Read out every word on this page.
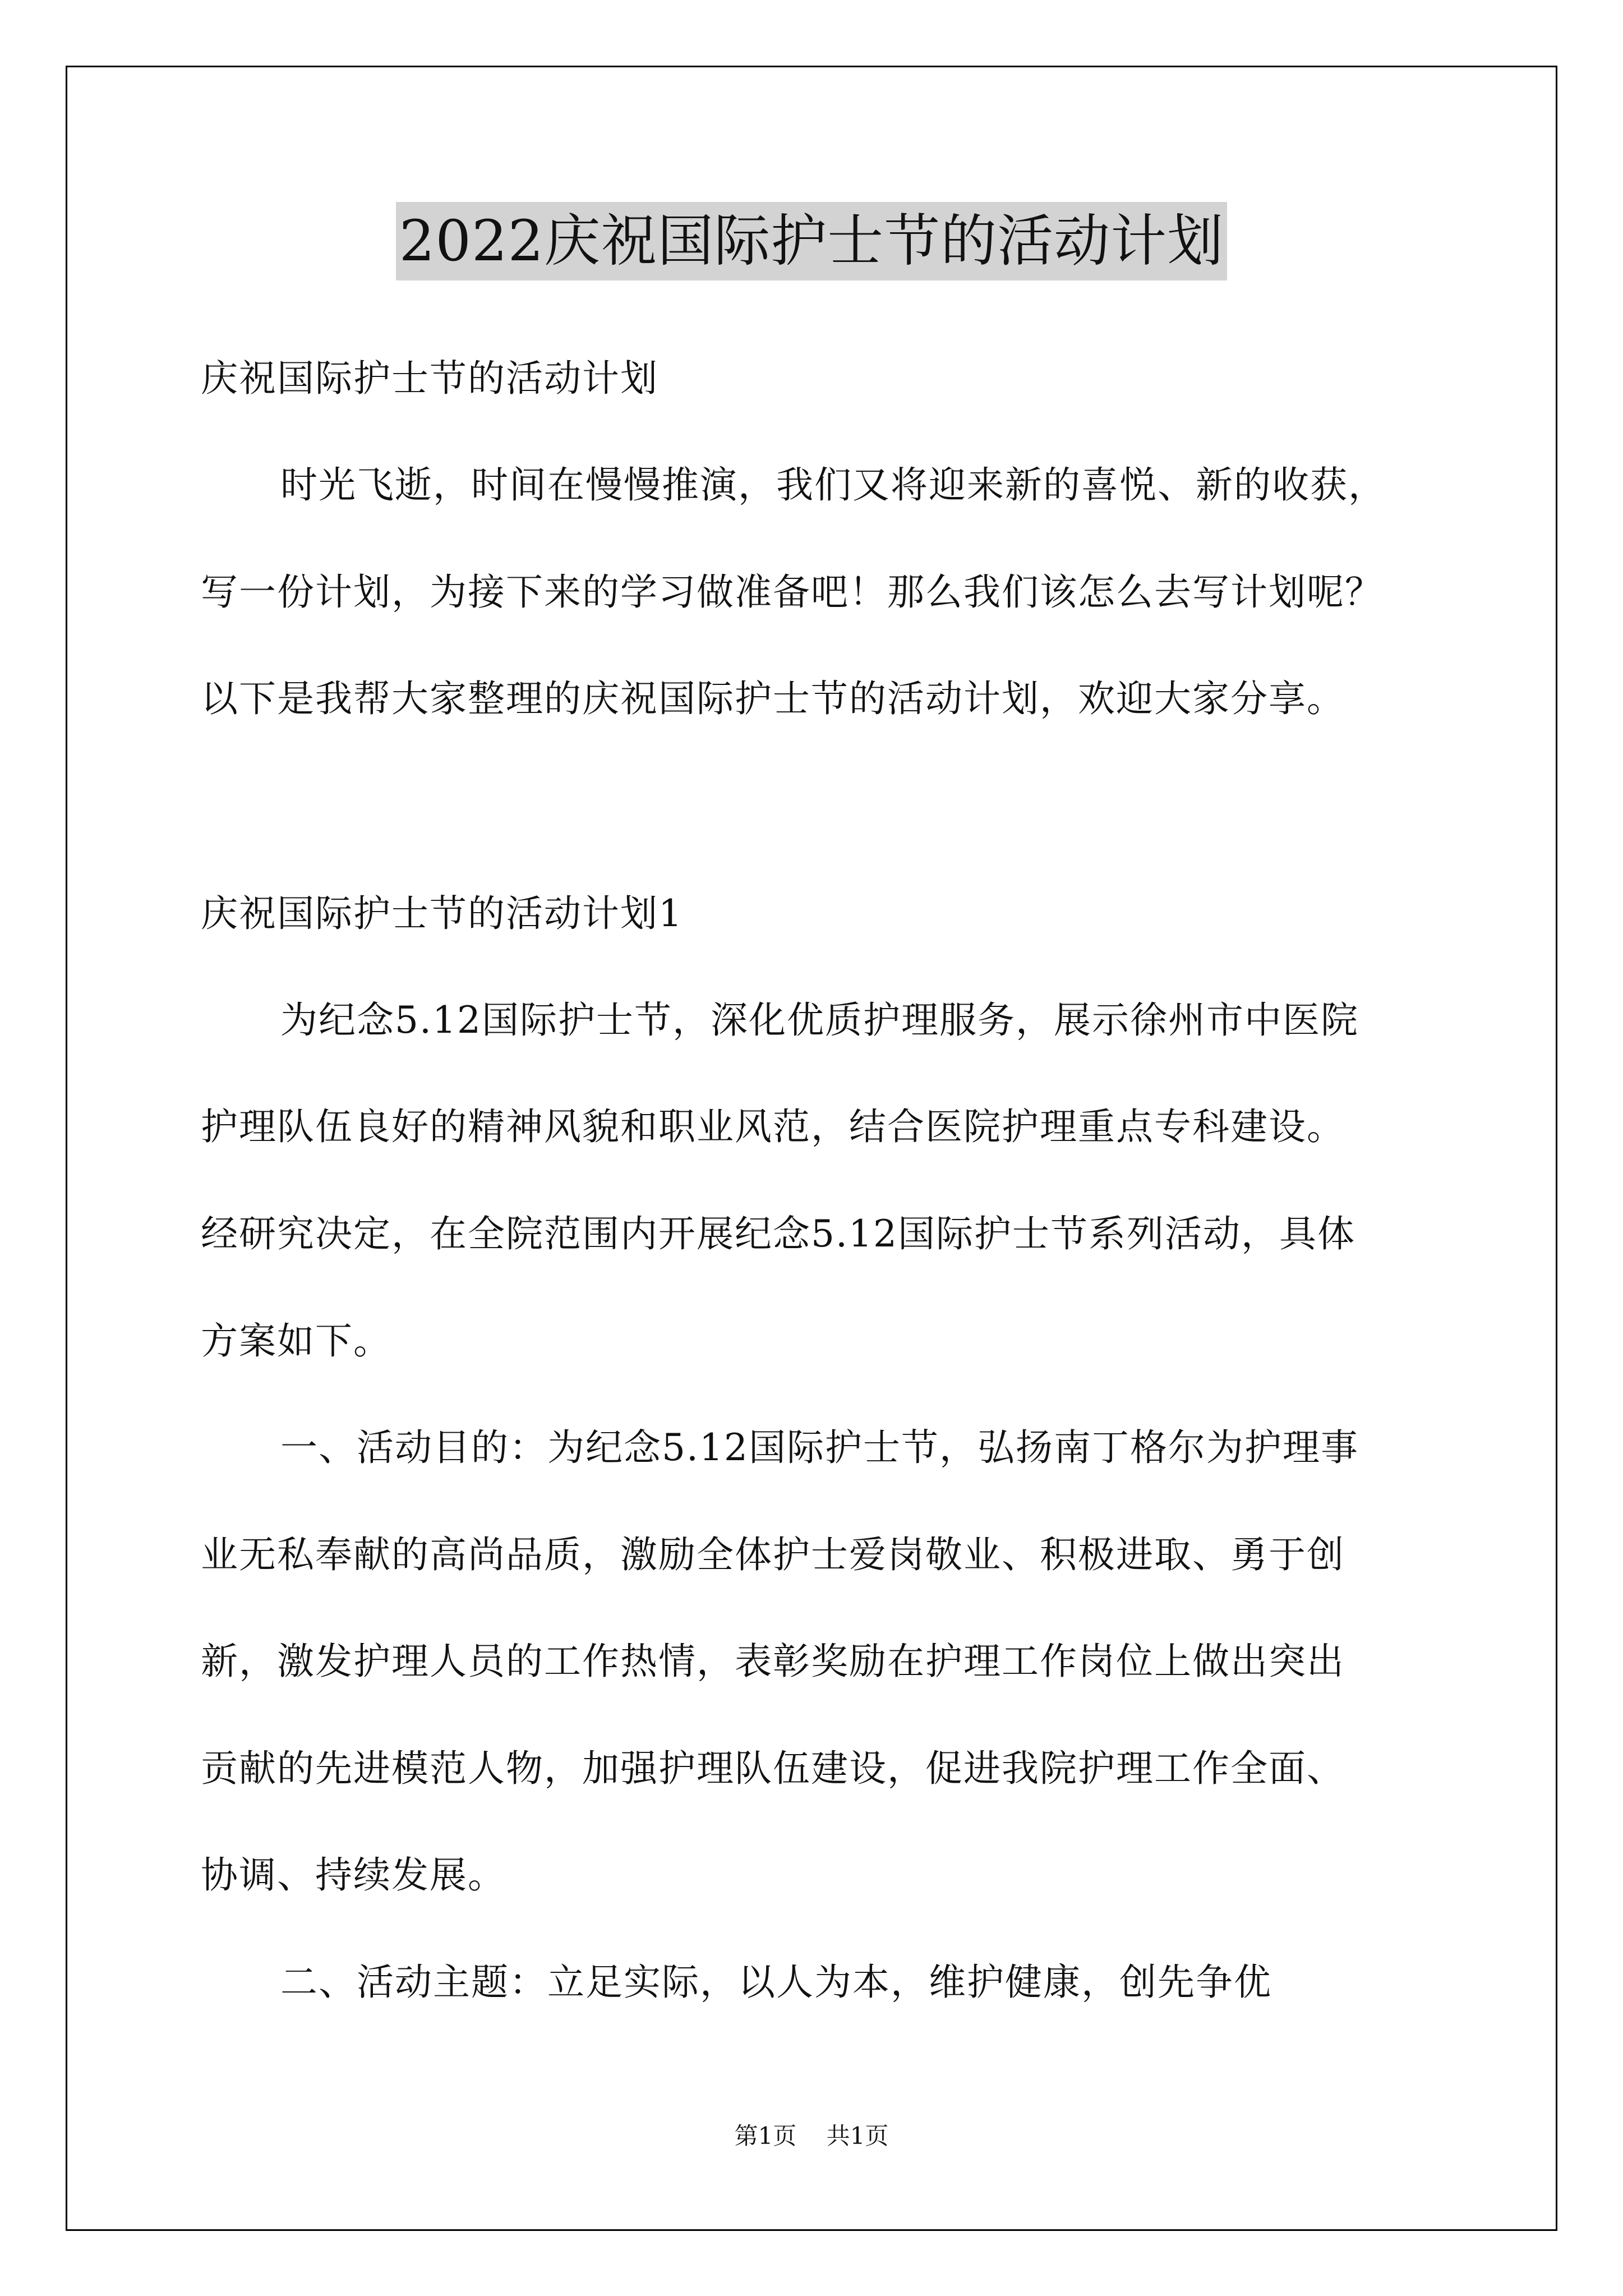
2022庆祝国际护士节的活动计划
庆祝国际护士节的活动计划
时光飞逝，时间在慢慢推演，我们又将迎来新的喜悦、新的收获，
写一份计划，为接下来的学习做准备吧！那么我们该怎么去写计划呢？
以下是我帮大家整理的庆祝国际护士节的活动计划，欢迎大家分享。
庆祝国际护士节的活动计划1
为纪念5.12国际护士节，深化优质护理服务，展示徐州市中医院
护理队伍良好的精神风貌和职业风范，结合医院护理重点专科建设。
经研究决定，在全院范围内开展纪念5.12国际护士节系列活动，具体
方案如下。
一、活动目的：为纪念5.12国际护士节，弘扬南丁格尔为护理事
业无私奉献的高尚品质，激励全体护士爱岗敬业、积极进取、勇于创
新，激发护理人员的工作热情，表彰奖励在护理工作岗位上做出突出
贡献的先进模范人物，加强护理队伍建设，促进我院护理工作全面、
协调、持续发展。
二、活动主题：立足实际，以人为本，维护健康，创先争优
第1页 共1页
